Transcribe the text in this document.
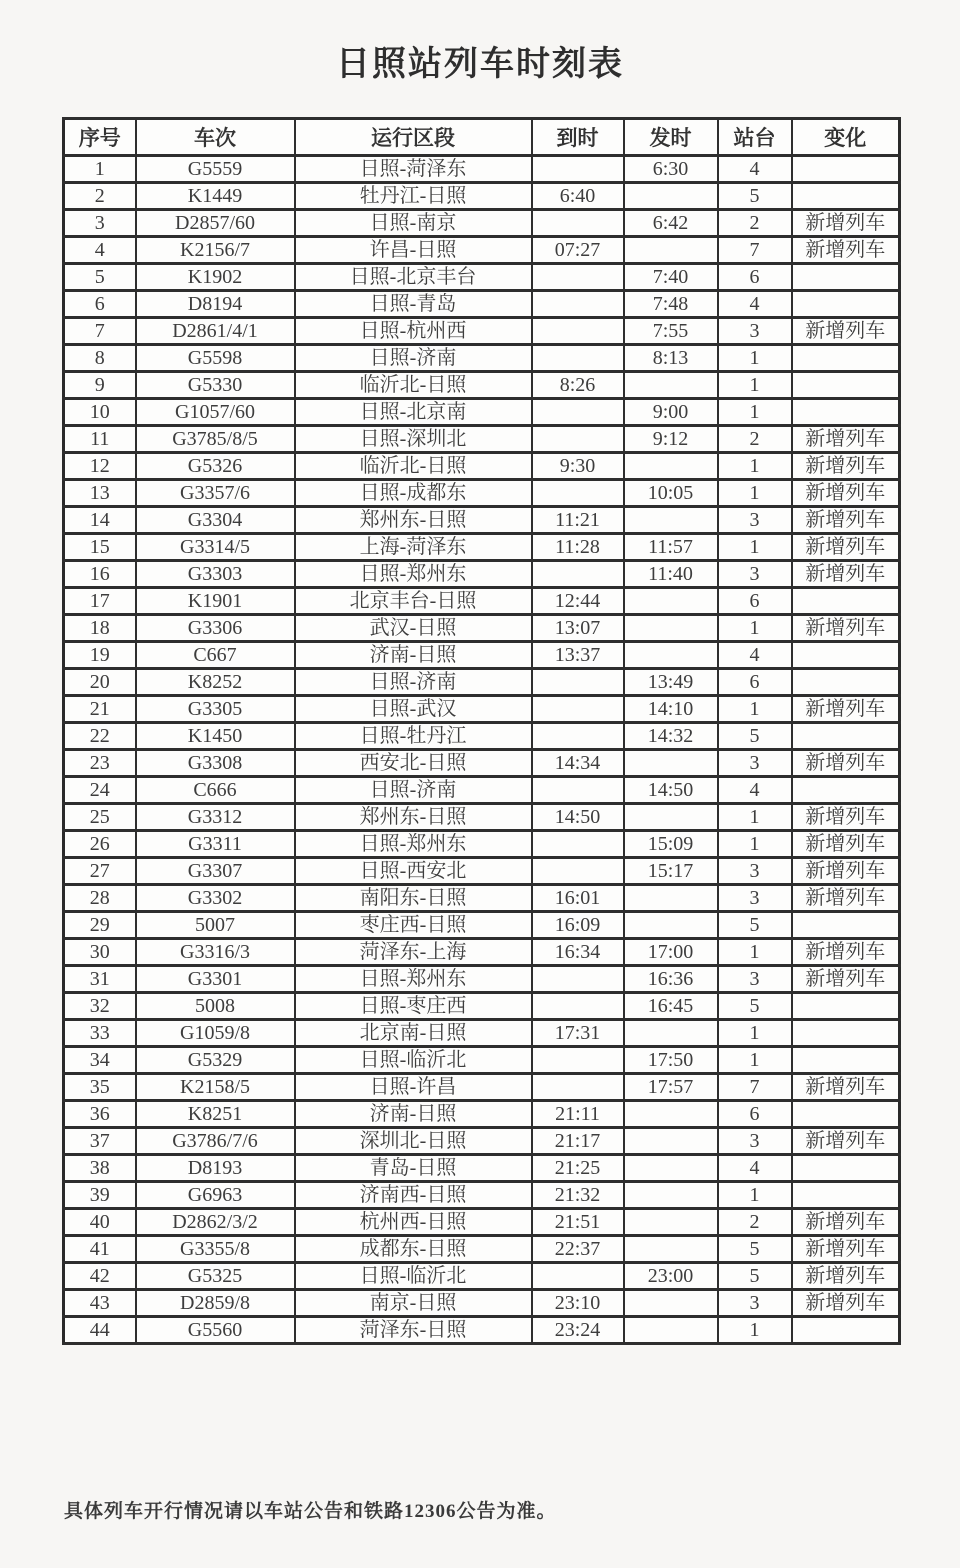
日照站列车时刻表
序号	车次	运行区段	到时	发时	站台	变化
1	G5559	日照-菏泽东		6:30	4	
2	K1449	牡丹江-日照	6:40		5	
3	D2857/60	日照-南京		6:42	2	新增列车
4	K2156/7	许昌-日照	07:27		7	新增列车
5	K1902	日照-北京丰台		7:40	6	
6	D8194	日照-青岛		7:48	4	
7	D2861/4/1	日照-杭州西		7:55	3	新增列车
8	G5598	日照-济南		8:13	1	
9	G5330	临沂北-日照	8:26		1	
10	G1057/60	日照-北京南		9:00	1	
11	G3785/8/5	日照-深圳北		9:12	2	新增列车
12	G5326	临沂北-日照	9:30		1	新增列车
13	G3357/6	日照-成都东		10:05	1	新增列车
14	G3304	郑州东-日照	11:21		3	新增列车
15	G3314/5	上海-菏泽东	11:28	11:57	1	新增列车
16	G3303	日照-郑州东		11:40	3	新增列车
17	K1901	北京丰台-日照	12:44		6	
18	G3306	武汉-日照	13:07		1	新增列车
19	C667	济南-日照	13:37		4	
20	K8252	日照-济南		13:49	6	
21	G3305	日照-武汉		14:10	1	新增列车
22	K1450	日照-牡丹江		14:32	5	
23	G3308	西安北-日照	14:34		3	新增列车
24	C666	日照-济南		14:50	4	
25	G3312	郑州东-日照	14:50		1	新增列车
26	G3311	日照-郑州东		15:09	1	新增列车
27	G3307	日照-西安北		15:17	3	新增列车
28	G3302	南阳东-日照	16:01		3	新增列车
29	5007	枣庄西-日照	16:09		5	
30	G3316/3	菏泽东-上海	16:34	17:00	1	新增列车
31	G3301	日照-郑州东		16:36	3	新增列车
32	5008	日照-枣庄西		16:45	5	
33	G1059/8	北京南-日照	17:31		1	
34	G5329	日照-临沂北		17:50	1	
35	K2158/5	日照-许昌		17:57	7	新增列车
36	K8251	济南-日照	21:11		6	
37	G3786/7/6	深圳北-日照	21:17		3	新增列车
38	D8193	青岛-日照	21:25		4	
39	G6963	济南西-日照	21:32		1	
40	D2862/3/2	杭州西-日照	21:51		2	新增列车
41	G3355/8	成都东-日照	22:37		5	新增列车
42	G5325	日照-临沂北		23:00	5	新增列车
43	D2859/8	南京-日照	23:10		3	新增列车
44	G5560	菏泽东-日照	23:24		1	

具体列车开行情况请以车站公告和铁路12306公告为准。
